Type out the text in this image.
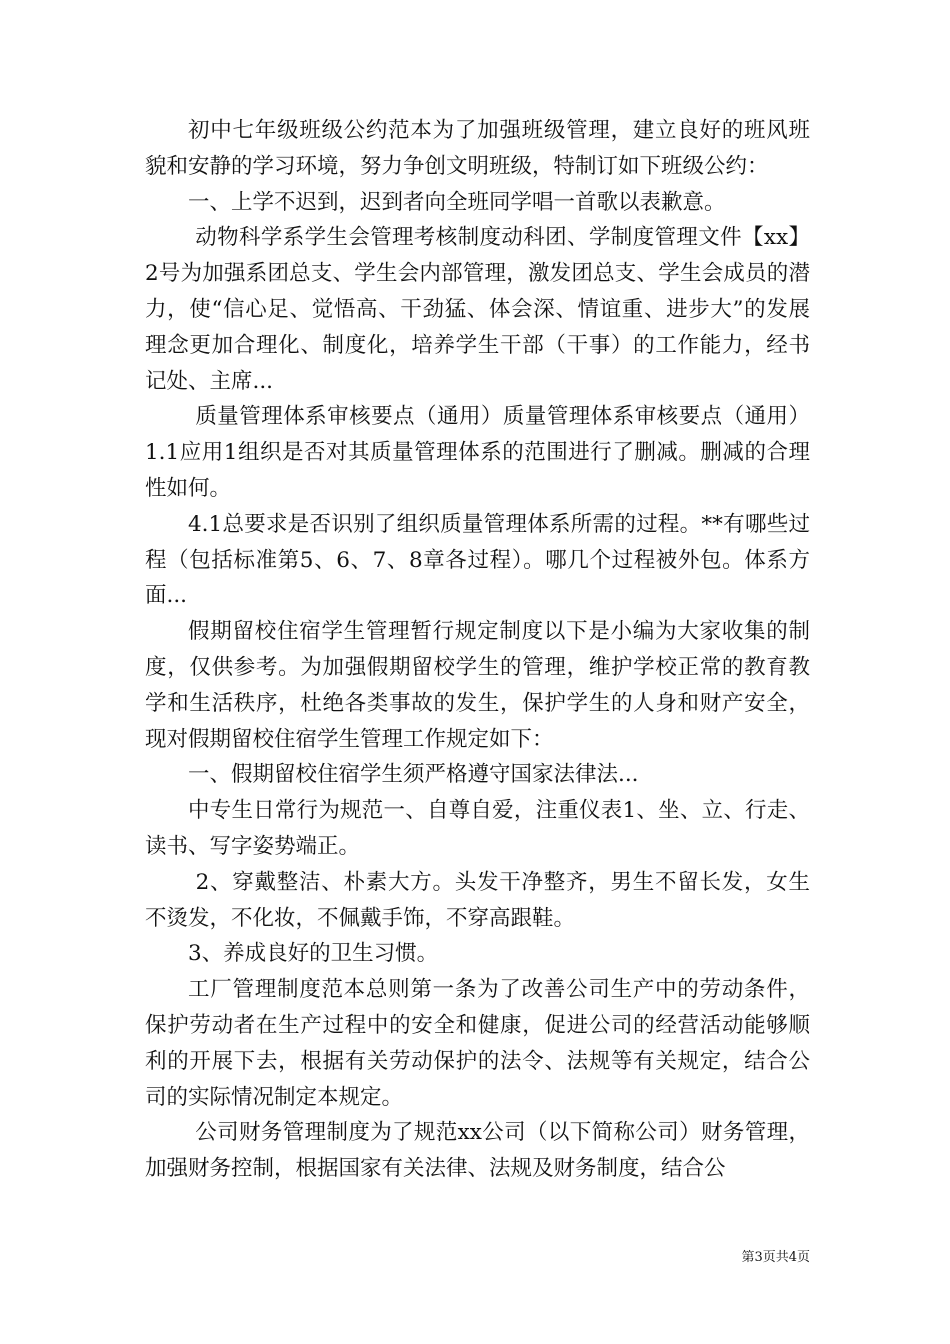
初中七年级班级公约范本为了加强班级管理，建立良好的班风班貌和安静的学习环境，努力争创文明班级，特制订如下班级公约：

一、上学不迟到，迟到者向全班同学唱一首歌以表歉意。

动物科学系学生会管理考核制度动科团、学制度管理文件【xx】2号为加强系团总支、学生会内部管理，激发团总支、学生会成员的潜力，使“信心足、觉悟高、干劲猛、体会深、情谊重、进步大”的发展理念更加合理化、制度化，培养学生干部（干事）的工作能力，经书记处、主席...

质量管理体系审核要点（通用）质量管理体系审核要点（通用）1.1应用1组织是否对其质量管理体系的范围进行了删减。删减的合理性如何。

4.1总要求是否识别了组织质量管理体系所需的过程。**有哪些过程（包括标准第5、6、7、8章各过程）。哪几个过程被外包。体系方面...

假期留校住宿学生管理暂行规定制度以下是小编为大家收集的制度，仅供参考。为加强假期留校学生的管理，维护学校正常的教育教学和生活秩序，杜绝各类事故的发生，保护学生的人身和财产安全，现对假期留校住宿学生管理工作规定如下：

一、假期留校住宿学生须严格遵守国家法律法...

中专生日常行为规范一、自尊自爱，注重仪表1、坐、立、行走、读书、写字姿势端正。

2、穿戴整洁、朴素大方。头发干净整齐，男生不留长发，女生不烫发，不化妆，不佩戴手饰，不穿高跟鞋。

3、养成良好的卫生习惯。

工厂管理制度范本总则第一条为了改善公司生产中的劳动条件，保护劳动者在生产过程中的安全和健康，促进公司的经营活动能够顺利的开展下去，根据有关劳动保护的法令、法规等有关规定，结合公司的实际情况制定本规定。

公司财务管理制度为了规范xx公司（以下简称公司）财务管理，加强财务控制，根据国家有关法律、法规及财务制度，结合公

第3页共4页
